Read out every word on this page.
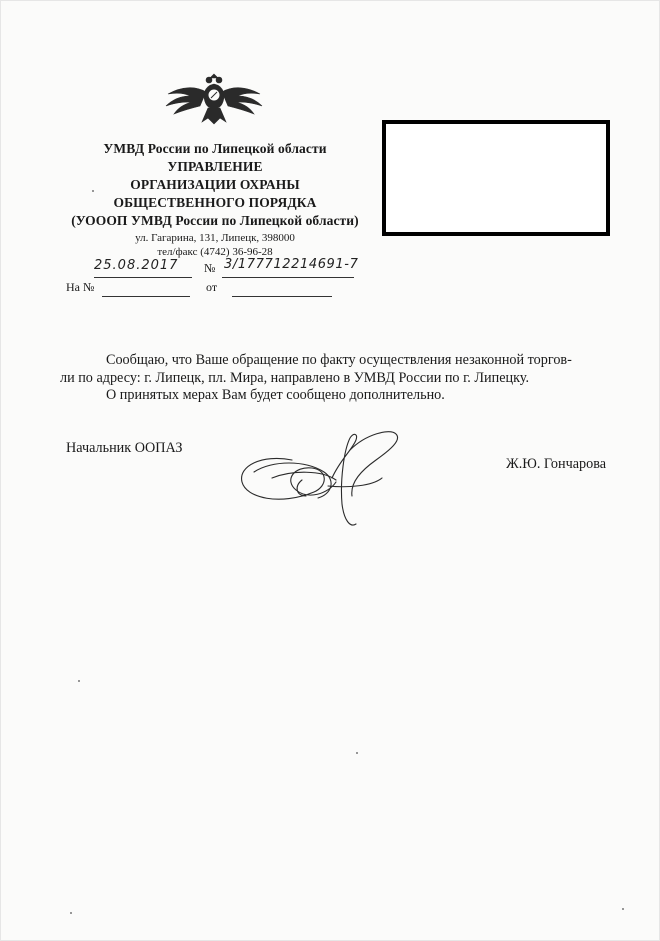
УМВД России по Липецкой области
УПРАВЛЕНИЕ
ОРГАНИЗАЦИИ ОХРАНЫ
ОБЩЕСТВЕННОГО ПОРЯДКА
(УОООП УМВД России по Липецкой области)
ул. Гагарина, 131, Липецк, 398000
тел/факс (4742) 36-96-28
25.08.2017 № 3/177712214691-7
На №	от
Сообщаю, что Ваше обращение по факту осуществления незаконной торгов-
ли по адресу: г. Липецк, пл. Мира, направлено в УМВД России по г. Липецку.
О принятых мерах Вам будет сообщено дополнительно.
Начальник ООПАЗ
Ж.Ю. Гончарова
